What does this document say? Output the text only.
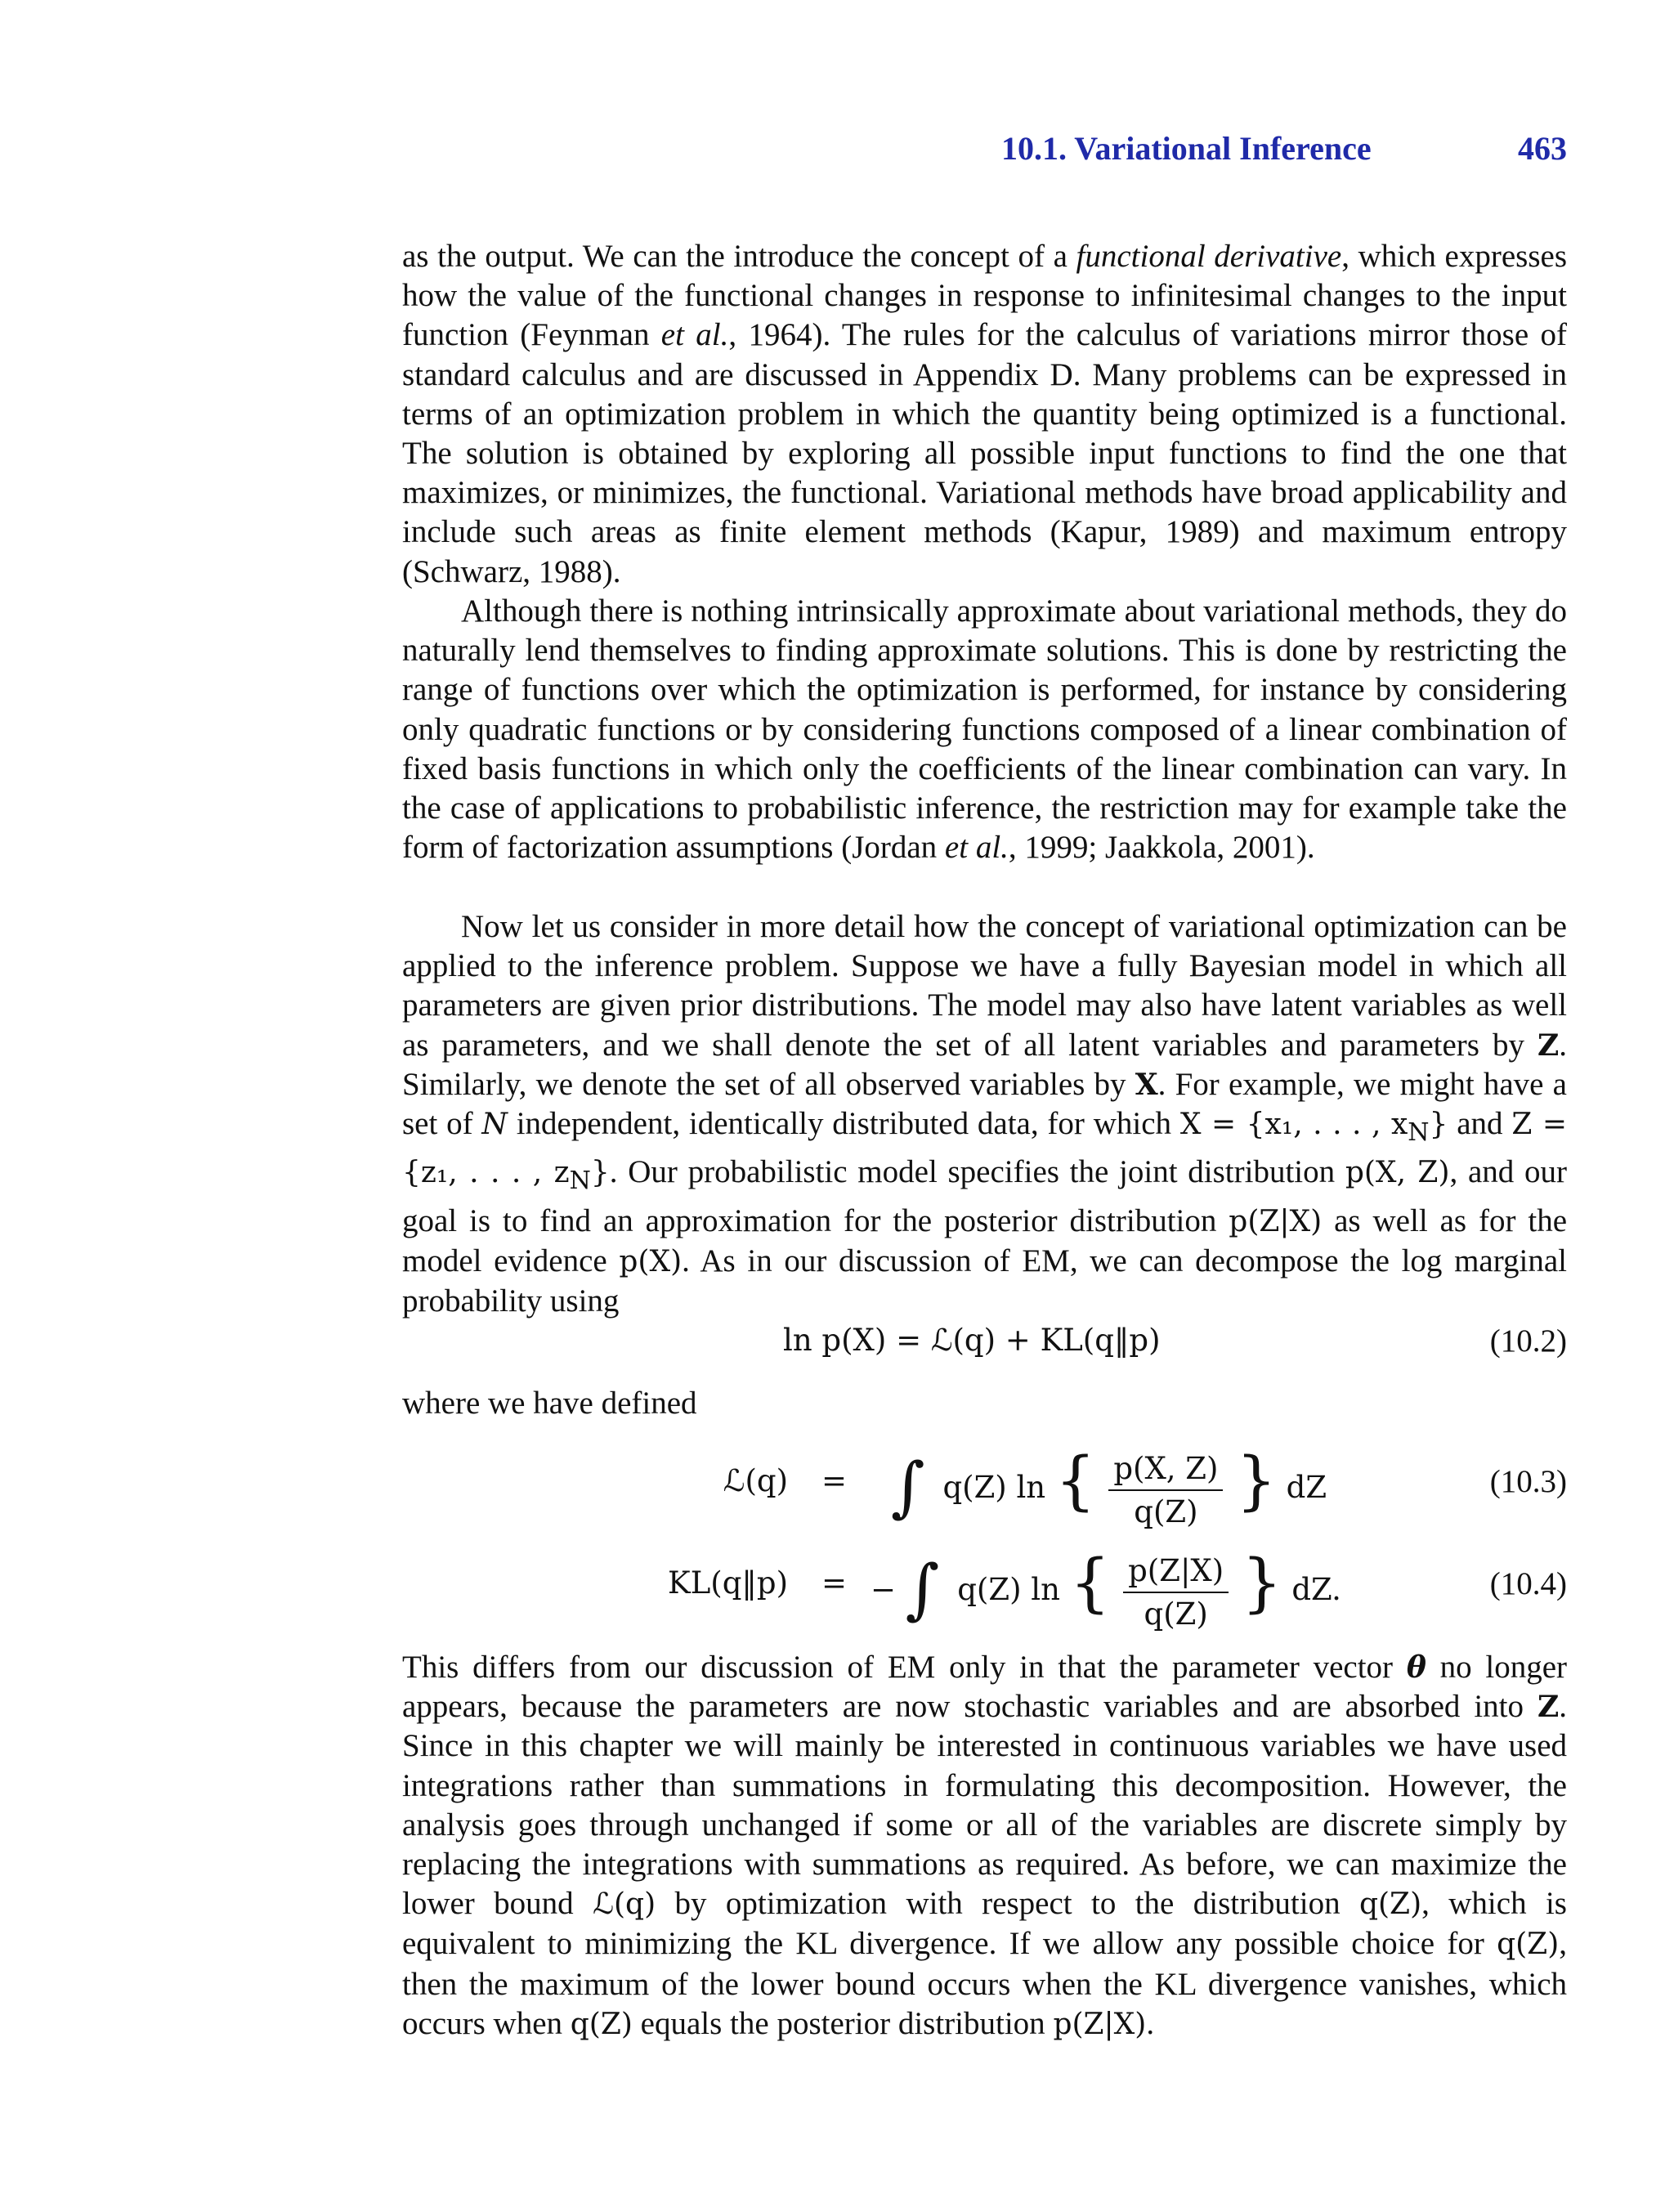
10.1. Variational Inference	463

as the output. We can the introduce the concept of a functional derivative, which expresses how the value of the functional changes in response to infinitesimal changes to the input function (Feynman et al., 1964). The rules for the calculus of variations mirror those of standard calculus and are discussed in Appendix D. Many problems can be expressed in terms of an optimization problem in which the quantity being optimized is a functional. The solution is obtained by exploring all possible input functions to find the one that maximizes, or minimizes, the functional. Variational methods have broad applicability and include such areas as finite element methods (Kapur, 1989) and maximum entropy (Schwarz, 1988).

Although there is nothing intrinsically approximate about variational methods, they do naturally lend themselves to finding approximate solutions. This is done by restricting the range of functions over which the optimization is performed, for instance by considering only quadratic functions or by considering functions composed of a linear combination of fixed basis functions in which only the coefficients of the linear combination can vary. In the case of applications to probabilistic inference, the restriction may for example take the form of factorization assumptions (Jordan et al., 1999; Jaakkola, 2001).

Now let us consider in more detail how the concept of variational optimization can be applied to the inference problem. Suppose we have a fully Bayesian model in which all parameters are given prior distributions. The model may also have latent variables as well as parameters, and we shall denote the set of all latent variables and parameters by Z. Similarly, we denote the set of all observed variables by X. For example, we might have a set of N independent, identically distributed data, for which X = {x₁, . . . , $x_N$} and Z = {z₁, . . . , $z_N$}. Our probabilistic model specifies the joint distribution p(X, Z), and our goal is to find an approximation for the posterior distribution p(Z|X) as well as for the model evidence p(X). As in our discussion of EM, we can decompose the log marginal probability using

ln p(X) = ℒ(q) + KL(q‖p)	(10.2)
where we have defined
ℒ(q) = ∫ q(Z) ln { $\frac{p(X, Z)}{q(Z)}$ } dZ	(10.3)
KL(q‖p) = − ∫ q(Z) ln { $\frac{p(Z|X)}{q(Z)}$ } dZ.	(10.4)

This differs from our discussion of EM only in that the parameter vector θ no longer appears, because the parameters are now stochastic variables and are absorbed into Z. Since in this chapter we will mainly be interested in continuous variables we have used integrations rather than summations in formulating this decomposition. However, the analysis goes through unchanged if some or all of the variables are discrete simply by replacing the integrations with summations as required. As before, we can maximize the lower bound ℒ(q) by optimization with respect to the distribution q(Z), which is equivalent to minimizing the KL divergence. If we allow any possible choice for q(Z), then the maximum of the lower bound occurs when the KL divergence vanishes, which occurs when q(Z) equals the posterior distribution p(Z|X).
